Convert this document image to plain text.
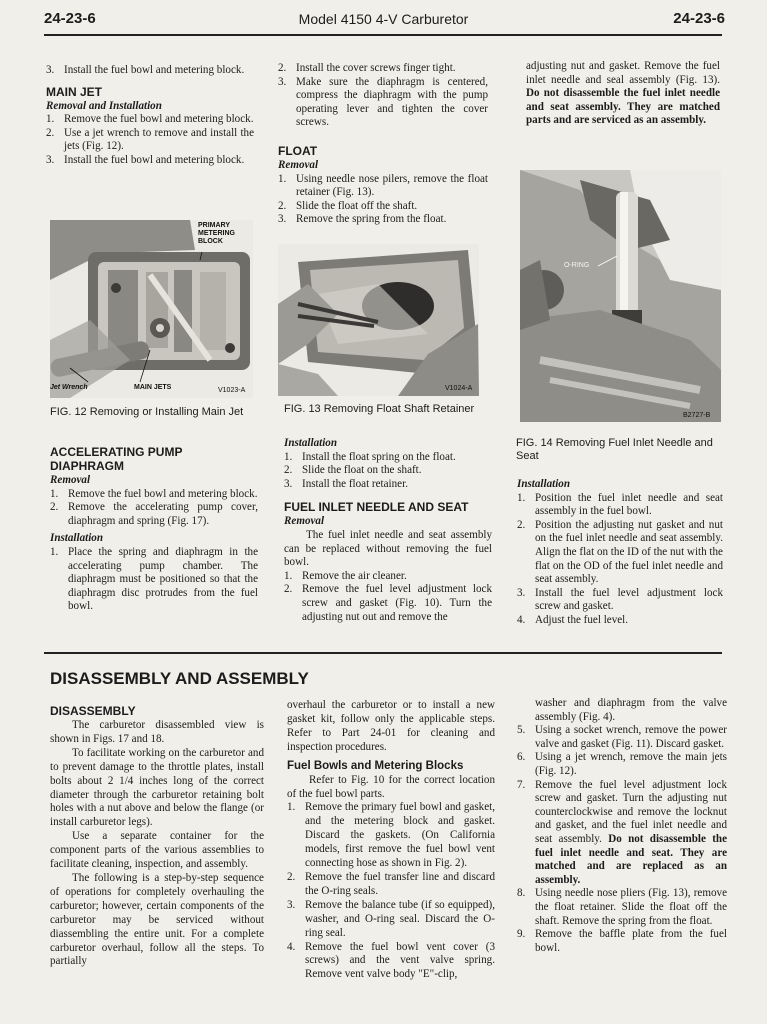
24-23-6	Model 4150 4-V Carburetor	24-23-6
3. Install the fuel bowl and metering block.

MAIN JET

Removal and Installation

1. Remove the fuel bowl and metering block.
2. Use a jet wrench to remove and install the jets (Fig. 12).
3. Install the fuel bowl and metering block.
PRIMARY METERING BLOCK
Jet Wrench	MAIN JETS	V1023-A
FIG. 12 Removing or Installing Main Jet

ACCELERATING PUMP DIAPHRAGM

Removal

1. Remove the fuel bowl and metering block.
2. Remove the accelerating pump cover, diaphragm and spring (Fig. 17).

Installation

1. Place the spring and diaphragm in the accelerating pump chamber. The diaphragm must be positioned so that the diaphragm disc protrudes from the fuel bowl.
2. Install the cover screws finger tight.
3. Make sure the diaphragm is centered, compress the diaphragm with the pump operating lever and tighten the cover screws.

FLOAT

Removal

1. Using needle nose pilers, remove the float retainer (Fig. 13).
2. Slide the float off the shaft.
3. Remove the spring from the float.
V1024-A
FIG. 13 Removing Float Shaft Retainer

Installation

1. Install the float spring on the float.
2. Slide the float on the shaft.
3. Install the float retainer.

FUEL INLET NEEDLE AND SEAT

Removal

The fuel inlet needle and seat assembly can be replaced without removing the fuel bowl.

1. Remove the air cleaner.
2. Remove the fuel level adjustment lock screw and gasket (Fig. 10). Turn the adjusting nut out and remove the

adjusting nut and gasket. Remove the fuel inlet needle and seal assembly (Fig. 13). Do not disassemble the fuel inlet needle and seat assembly. They are matched parts and are serviced as an assembly.

O-RING
B2727-B
FIG. 14 Removing Fuel Inlet Needle and Seat

Installation

1. Position the fuel inlet needle and seat assembly in the fuel bowl.
2. Position the adjusting nut gasket and nut on the fuel inlet needle and seat assembly. Align the flat on the ID of the nut with the flat on the OD of the fuel inlet needle and seat assembly.
3. Install the fuel level adjustment lock screw and gasket.
4. Adjust the fuel level.
DISASSEMBLY AND ASSEMBLY

DISASSEMBLY

The carburetor disassembled view is shown in Figs. 17 and 18.

To facilitate working on the carburetor and to prevent damage to the throttle plates, install bolts about 2 1/4 inches long of the correct diameter through the carburetor retaining bolt holes with a nut above and below the flange (or install carburetor legs).

Use a separate container for the component parts of the various assemblies to facilitate cleaning, inspection, and assembly.

The following is a step-by-step sequence of operations for completely overhauling the carburetor; however, certain components of the carburetor may be serviced without diassembling the entire unit. For a complete carburetor overhaul, follow all the steps. To partially

overhaul the carburetor or to install a new gasket kit, follow only the applicable steps. Refer to Part 24-01 for cleaning and inspection procedures.

Fuel Bowls and Metering Blocks

Refer to Fig. 10 for the correct location of the fuel bowl parts.

1. Remove the primary fuel bowl and gasket, and the metering block and gasket. Discard the gaskets. (On California models, first remove the fuel bowl vent connecting hose as shown in Fig. 2).
2. Remove the fuel transfer line and discard the O-ring seals.
3. Remove the balance tube (if so equipped), washer, and O-ring seal. Discard the O-ring seal.
4. Remove the fuel bowl vent cover (3 screws) and the vent valve spring. Remove vent valve body "E"-clip,
washer and diaphragm from the valve assembly (Fig. 4).
5. Using a socket wrench, remove the power valve and gasket (Fig. 11). Discard gasket.
6. Using a jet wrench, remove the main jets (Fig. 12).
7. Remove the fuel level adjustment lock screw and gasket. Turn the adjusting nut counterclockwise and remove the locknut and gasket, and the fuel inlet needle and seat assembly. Do not disassemble the fuel inlet needle and seat. They are matched and are replaced as an assembly.
8. Using needle nose pliers (Fig. 13), remove the float retainer. Slide the float off the shaft. Remove the spring from the float.
9. Remove the baffle plate from the fuel bowl.
